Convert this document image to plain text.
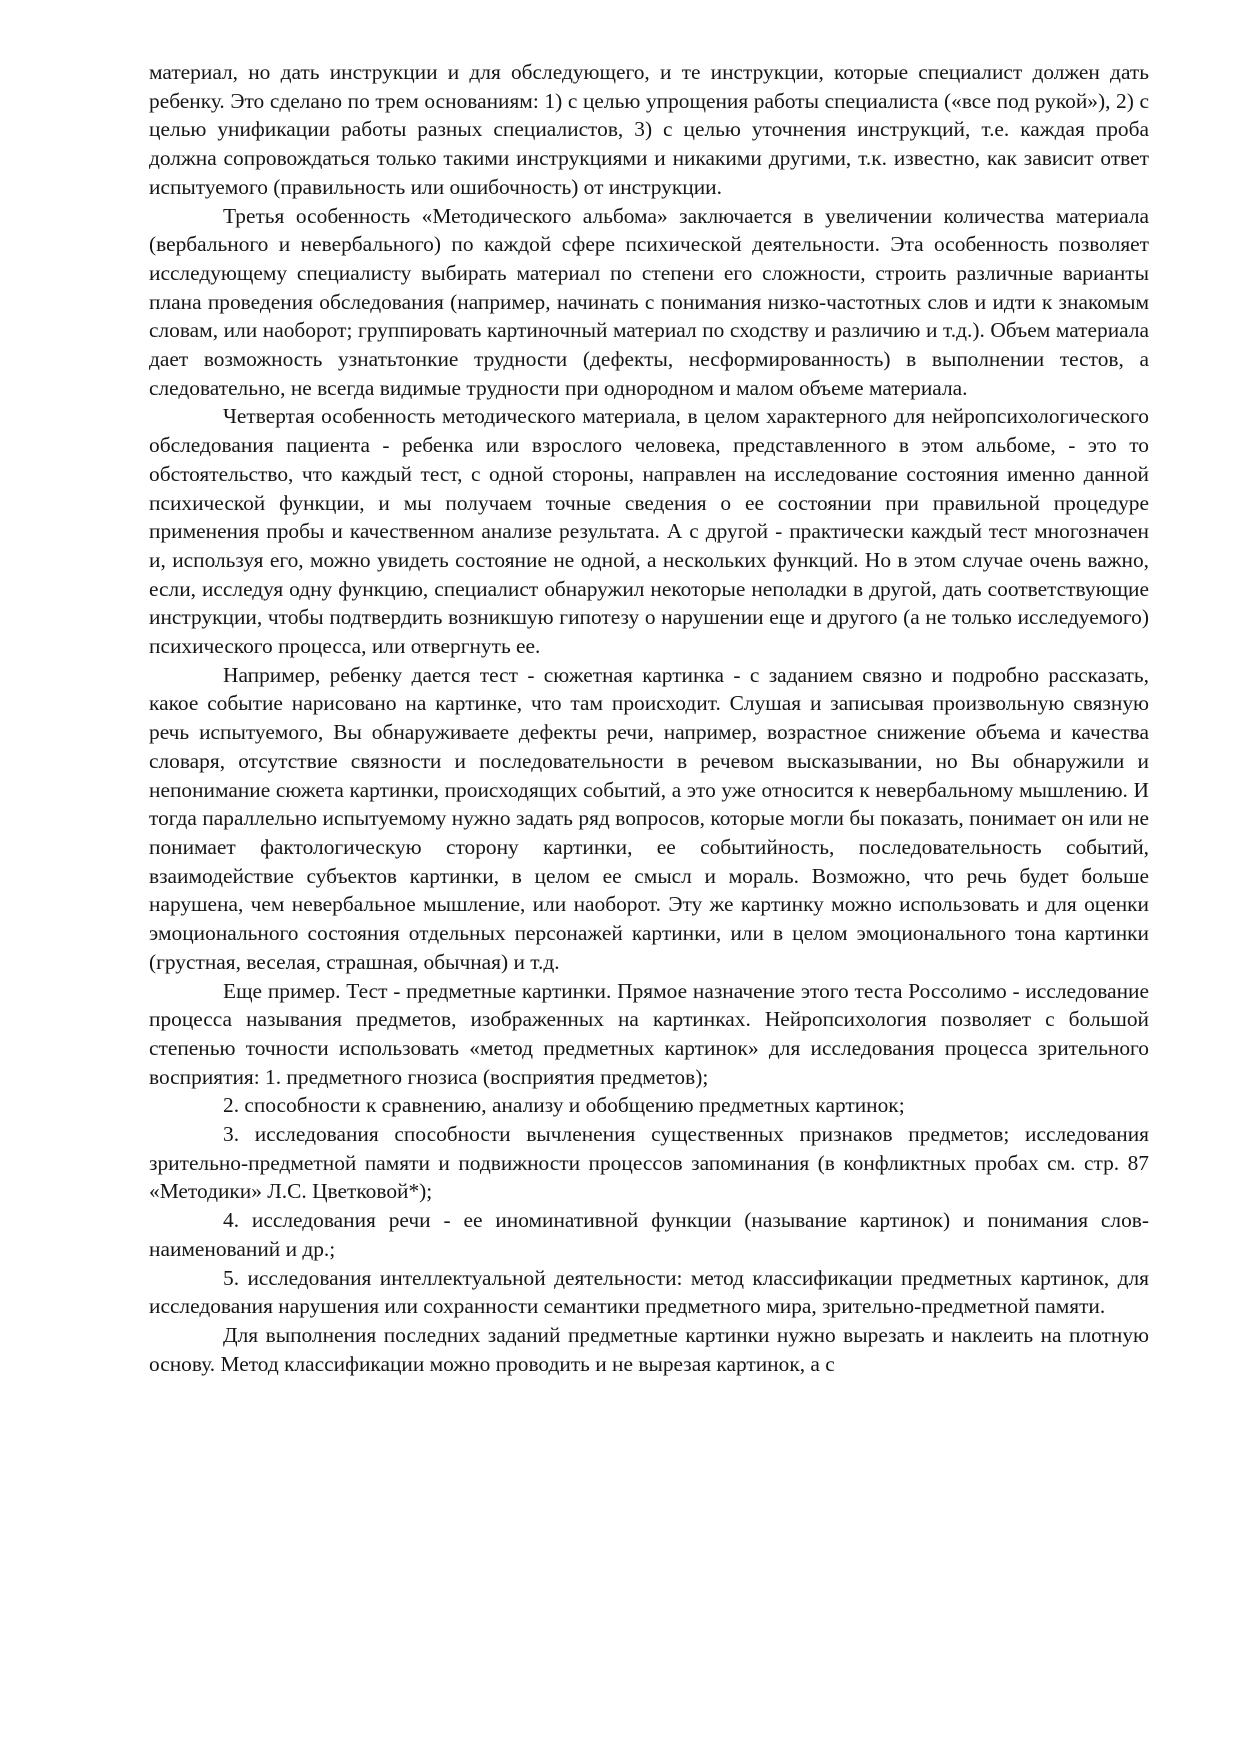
материал, но дать инструкции и для обследующего, и те инструкции, которые специалист должен дать ребенку. Это сделано по трем основаниям: 1) с целью упрощения работы специалиста («все под рукой»), 2) с целью унификации работы разных специалистов, 3) с целью уточнения инструкций, т.е. каждая проба должна сопровождаться только такими инструкциями и никакими другими, т.к. известно, как зависит ответ испытуемого (правильность или ошибочность) от инструкции.

Третья особенность «Методического альбома» заключается в увеличении количества материала (вербального и невербального) по каждой сфере психической деятельности. Эта особенность позволяет исследующему специалисту выбирать материал по степени его сложности, строить различные варианты плана проведения обследования (например, начинать с понимания низко-частотных слов и идти к знакомым словам, или наоборот; группировать картиночный материал по сходству и различию и т.д.). Объем материала дает возможность узнатьтонкие трудности (дефекты, несформированность) в выполнении тестов, а следовательно, не всегда видимые трудности при однородном и малом объеме материала.

Четвертая особенность методического материала, в целом характерного для нейропсихологического обследования пациента - ребенка или взрослого человека, представленного в этом альбоме, - это то обстоятельство, что каждый тест, с одной стороны, направлен на исследование состояния именно данной психической функции, и мы получаем точные сведения о ее состоянии при правильной процедуре применения пробы и качественном анализе результата. А с другой - практически каждый тест многозначен и, используя его, можно увидеть состояние не одной, а нескольких функций. Но в этом случае очень важно, если, исследуя одну функцию, специалист обнаружил некоторые неполадки в другой, дать соответствующие инструкции, чтобы подтвердить возникшую гипотезу о нарушении еще и другого (а не только исследуемого) психического процесса, или отвергнуть ее.

Например, ребенку дается тест - сюжетная картинка - с заданием связно и подробно рассказать, какое событие нарисовано на картинке, что там происходит. Слушая и записывая произвольную связную речь испытуемого, Вы обнаруживаете дефекты речи, например, возрастное снижение объема и качества словаря, отсутствие связности и последовательности в речевом высказывании, но Вы обнаружили и непонимание сюжета картинки, происходящих событий, а это уже относится к невербальному мышлению. И тогда параллельно испытуемому нужно задать ряд вопросов, которые могли бы показать, понимает он или не понимает фактологическую сторону картинки, ее событийность, последовательность событий, взаимодействие субъектов картинки, в целом ее смысл и мораль. Возможно, что речь будет больше нарушена, чем невербальное мышление, или наоборот. Эту же картинку можно использовать и для оценки эмоционального состояния отдельных персонажей картинки, или в целом эмоционального тона картинки (грустная, веселая, страшная, обычная) и т.д.

Еще пример. Тест - предметные картинки. Прямое назначение этого теста Россолимо - исследование процесса называния предметов, изображенных на картинках. Нейропсихология позволяет с большой степенью точности использовать «метод предметных картинок» для исследования процесса зрительного восприятия: 1. предметного гнозиса (восприятия предметов);

2. способности к сравнению, анализу и обобщению предметных картинок;

3. исследования способности вычленения существенных признаков предметов; исследования зрительно-предметной памяти и подвижности процессов запоминания (в конфликтных пробах см. стр. 87 «Методики» Л.С. Цветковой*);

4. исследования речи - ее иноминативной функции (называние картинок) и понимания слов-наименований и др.;

5. исследования интеллектуальной деятельности: метод классификации предметных картинок, для исследования нарушения или сохранности семантики предметного мира, зрительно-предметной памяти.

Для выполнения последних заданий предметные картинки нужно вырезать и наклеить на плотную основу. Метод классификации можно проводить и не вырезая картинок, а с
